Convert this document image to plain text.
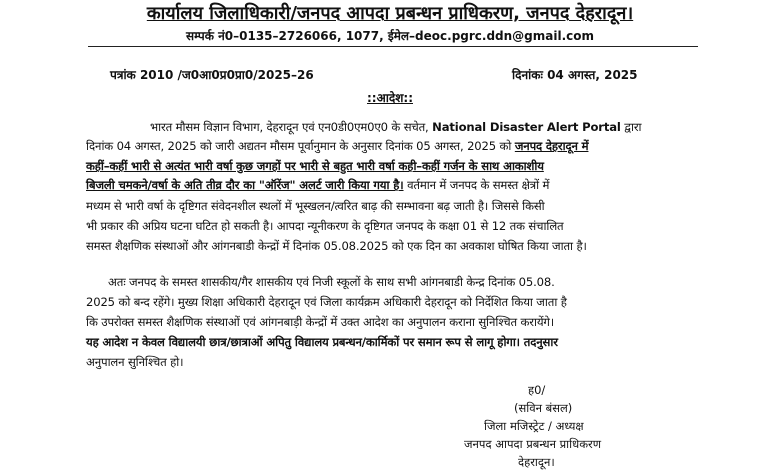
कार्यालय जिलाधिकारी/जनपद आपदा प्रबन्धन प्राधिकरण, जनपद देहरादून।
सम्पर्क नं0–0135–2726066, 1077, ईमेल–deoc.pgrc.ddn@gmail.com
पत्रांक 2010 /ज0आ0प्र0प्रा0/2025–26	दिनांकः 04 अगस्त, 2025
::आदेश::
भारत मौसम विज्ञान विभाग, देहरादून एवं एन0डी0एम0ए0 के सचेत, National Disaster Alert Portal द्वारा
दिनांक 04 अगस्त, 2025 को जारी अद्यतन मौसम पूर्वानुमान के अनुसार दिनांक 05 अगस्त, 2025 को जनपद देहरादून में
कहीं–कहीं भारी से अत्यंत भारी वर्षा कुछ जगहों पर भारी से बहुत भारी वर्षा कही–कहीं गर्जन के साथ आकाशीय
बिजली चमकने/वर्षा के अति तीव्र दौर का "ऑरेंज" अलर्ट जारी किया गया है। वर्तमान में जनपद के समस्त क्षेत्रों में
मध्यम से भारी वर्षा के दृष्टिगत संवेदनशील स्थलों में भूस्खलन/त्वरित बाढ़ की सम्भावना बढ़ जाती है। जिससे किसी
भी प्रकार की अप्रिय घटना घटित हो सकती है। आपदा न्यूनीकरण के दृष्टिगत जनपद के कक्षा 01 से 12 तक संचालित
समस्त शैक्षणिक संस्थाओं और आंगनबाडी केन्द्रों में दिनांक 05.08.2025 को एक दिन का अवकाश घोषित किया जाता है।
अतः जनपद के समस्त शासकीय/गैर शासकीय एवं निजी स्कूलों के साथ सभी आंगनबाडी केन्द्र दिनांक 05.08.
2025 को बन्द रहेंगे। मुख्य शिक्षा अधिकारी देहरादून एवं जिला कार्यक्रम अधिकारी देहरादून को निर्देशित किया जाता है
कि उपरोक्त समस्त शैक्षणिक संस्थाओं एवं आंगनबाड़ी केन्द्रों में उक्त आदेश का अनुपालन कराना सुनिश्चित करायेंगे।
यह आदेश न केवल विद्यालयी छात्र/छात्राओं अपितु विद्यालय प्रबन्धन/कार्मिकों पर समान रूप से लागू होगा। तदनुसार
अनुपालन सुनिश्चित हो।
ह0/
(सविन बंसल)
जिला मजिस्ट्रेट / अध्यक्ष
जनपद आपदा प्रबन्धन प्राधिकरण
देहरादून।
